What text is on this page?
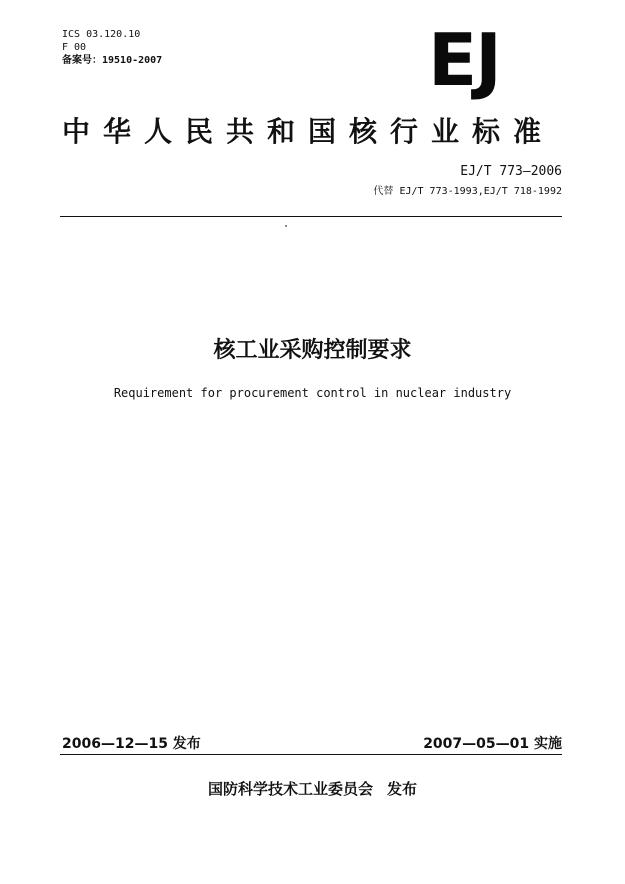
ICS 03.120.10
F 00
备案号：19510-2007	EJ
中华人民共和国核行业标准
EJ/T 773—2006
代替 EJ/T 773-1993,EJ/T 718-1992
核工业采购控制要求
Requirement for procurement control in nuclear industry
2006—12—15 发布	2007—05—01 实施
国防科学技术工业委员会 发布
